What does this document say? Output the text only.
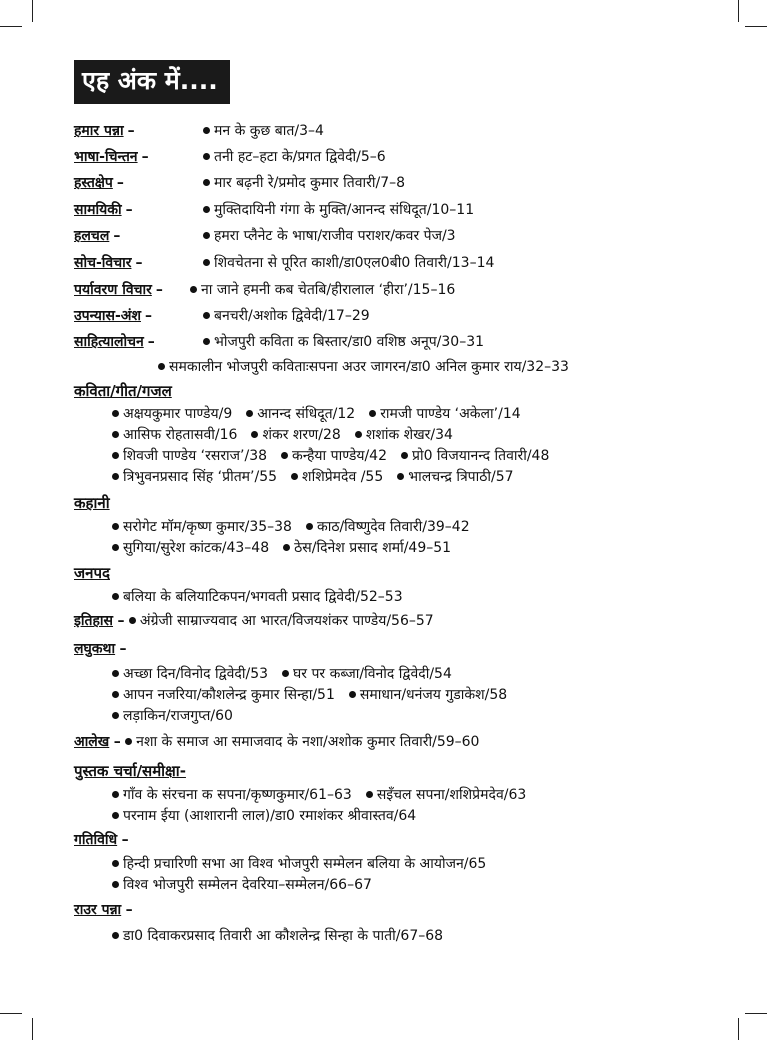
एह अंक में....
हमार पन्ना –	मन के कुछ बात/3–4
भाषा-चिन्तन –	तनी हट–हटा के/प्रगत द्विवेदी/5–6
हस्तक्षेप –	मार बढ़नी रे/प्रमोद कुमार तिवारी/7–8
सामयिकी –	मुक्तिदायिनी गंगा के मुक्ति/आनन्द संधिदूत/10–11
हलचल –	हमरा प्लैनेट के भाषा/राजीव पराशर/कवर पेज/3
सोच-विचार –	शिवचेतना से पूरित काशी/डा0एल0बी0 तिवारी/13–14
पर्यावरण विचार –	ना जाने हमनी कब चेतबि/हीरालाल ‘हीरा’/15–16
उपन्यास-अंश –	बनचरी/अशोक द्विवेदी/17–29
साहित्यालोचन –	भोजपुरी कविता क बिस्तार/डा0 वशिष्ठ अनूप/30–31
समकालीन भोजपुरी कविताःसपना अउर जागरन/डा0 अनिल कुमार राय/32–33
कविता/गीत/गजल
अक्षयकुमार पाण्डेय/9 आनन्द संधिदूत/12 रामजी पाण्डेय ‘अकेला’/14
आसिफ रोहतासवी/16 शंकर शरण/28 शशांक शेखर/34
शिवजी पाण्डेय ‘रसराज’/38 कन्हैया पाण्डेय/42 प्रो0 विजयानन्द तिवारी/48
त्रिभुवनप्रसाद सिंह ‘प्रीतम’/55 शशिप्रेमदेव /55 भालचन्द्र त्रिपाठी/57
कहानी
सरोगेट मॉम/कृष्ण कुमार/35–38 काठ/विष्णुदेव तिवारी/39–42
सुगिया/सुरेश कांटक/43–48 ठेस/दिनेश प्रसाद शर्मा/49–51
जनपद
बलिया के बलियाटिकपन/भगवती प्रसाद द्विवेदी/52–53
इतिहास – अंग्रेजी साम्राज्यवाद आ भारत/विजयशंकर पाण्डेय/56–57
लघुकथा –
अच्छा दिन/विनोद द्विवेदी/53 घर पर कब्जा/विनोद द्विवेदी/54
आपन नजरिया/कौशलेन्द्र कुमार सिन्हा/51 समाधान/धनंजय गुडाकेश/58
लड़ाकिन/राजगुप्त/60
आलेख – नशा के समाज आ समाजवाद के नशा/अशोक कुमार तिवारी/59–60
पुस्तक चर्चा/समीक्षा-
गाँव के संरचना क सपना/कृष्णकुमार/61–63 सइँचल सपना/शशिप्रेमदेव/63
परनाम ईया (आशारानी लाल)/डा0 रमाशंकर श्रीवास्तव/64
गतिविधि –
हिन्दी प्रचारिणी सभा आ विश्व भोजपुरी सम्मेलन बलिया के आयोजन/65
विश्व भोजपुरी सम्मेलन देवरिया–सम्मेलन/66–67
राउर पन्ना –
डा0 दिवाकरप्रसाद तिवारी आ कौशलेन्द्र सिन्हा के पाती/67–68
